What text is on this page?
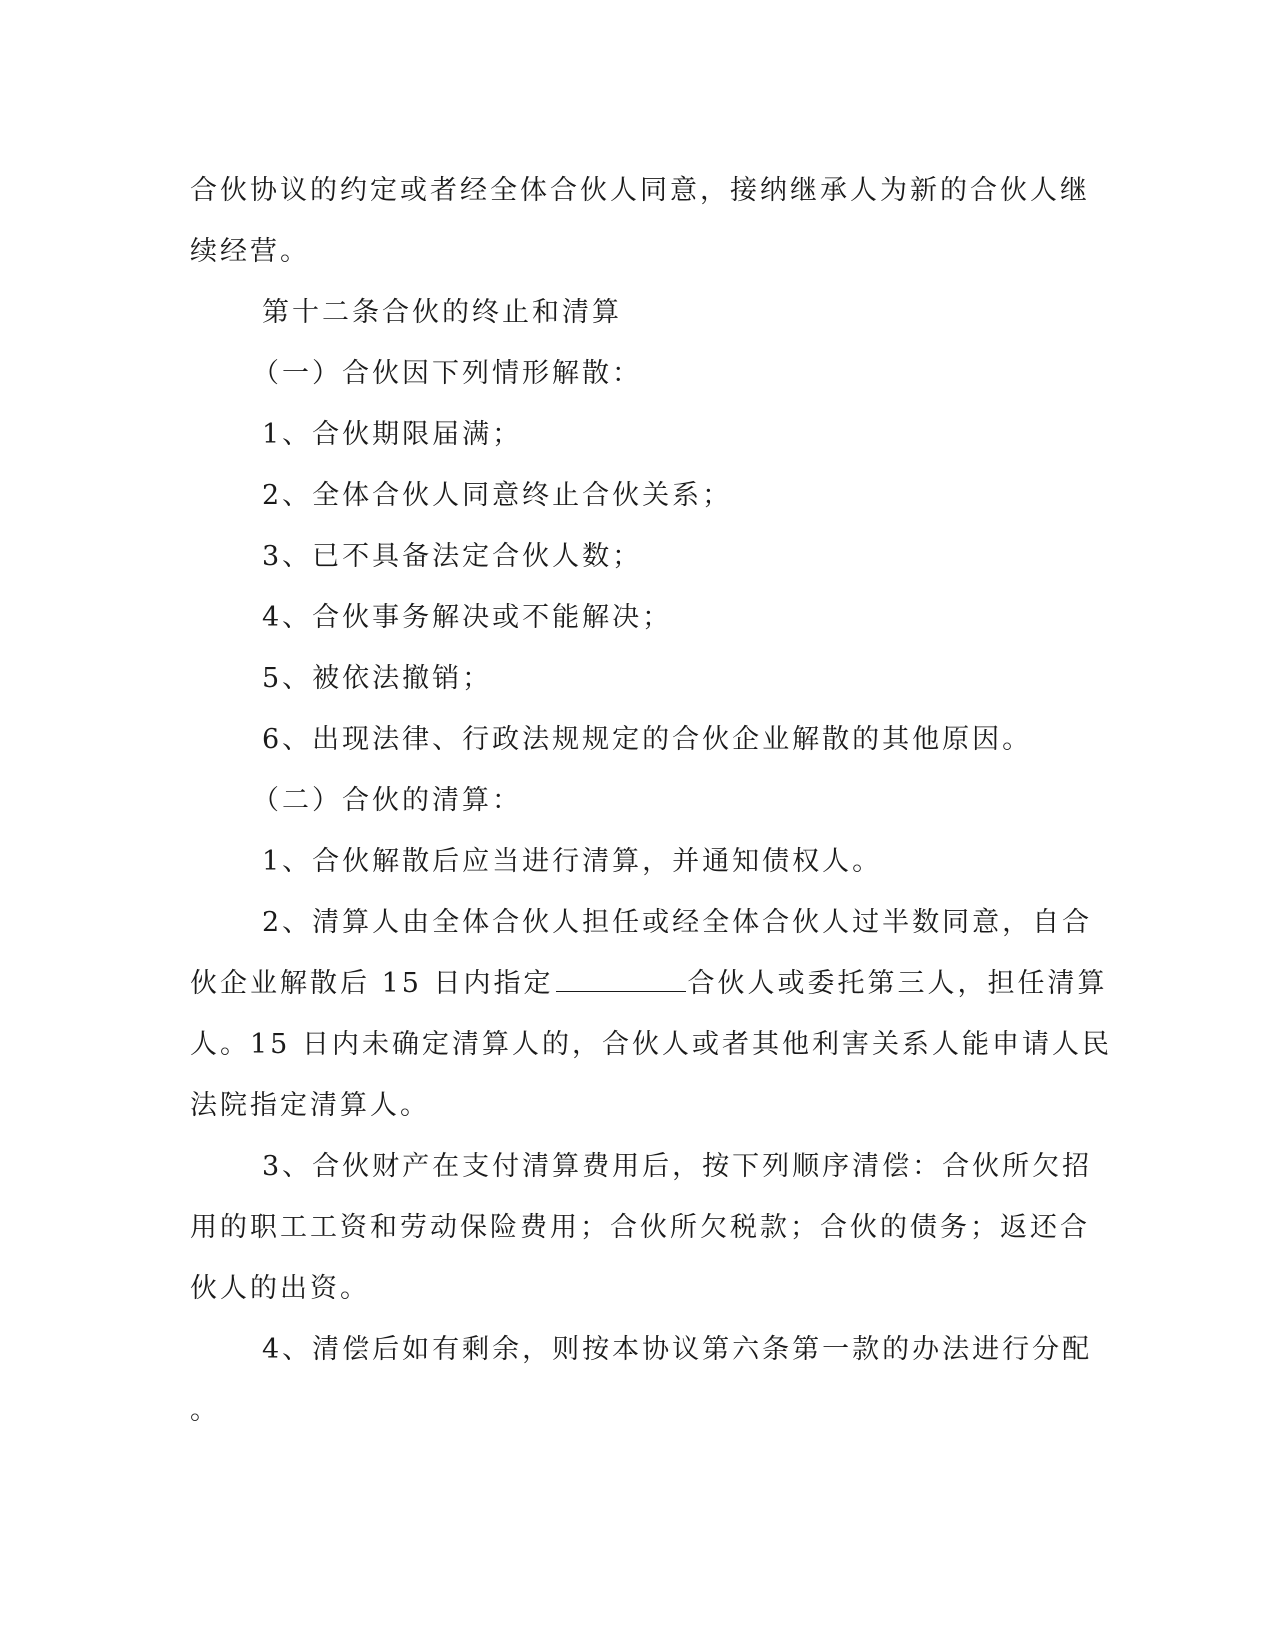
合伙协议的约定或者经全体合伙人同意，接纳继承人为新的合伙人继
续经营。
第十二条合伙的终止和清算
（一）合伙因下列情形解散：
1、合伙期限届满；
2、全体合伙人同意终止合伙关系；
3、已不具备法定合伙人数；
4、合伙事务解决或不能解决；
5、被依法撤销；
6、出现法律、行政法规规定的合伙企业解散的其他原因。
（二）合伙的清算：
1、合伙解散后应当进行清算，并通知债权人。
2、清算人由全体合伙人担任或经全体合伙人过半数同意，自合
伙企业解散后 15 日内指定	合伙人或委托第三人，担任清算
人。15 日内未确定清算人的，合伙人或者其他利害关系人能申请人民
法院指定清算人。
3、合伙财产在支付清算费用后，按下列顺序清偿：合伙所欠招
用的职工工资和劳动保险费用；合伙所欠税款；合伙的债务；返还合
伙人的出资。
4、清偿后如有剩余，则按本协议第六条第一款的办法进行分配
。
